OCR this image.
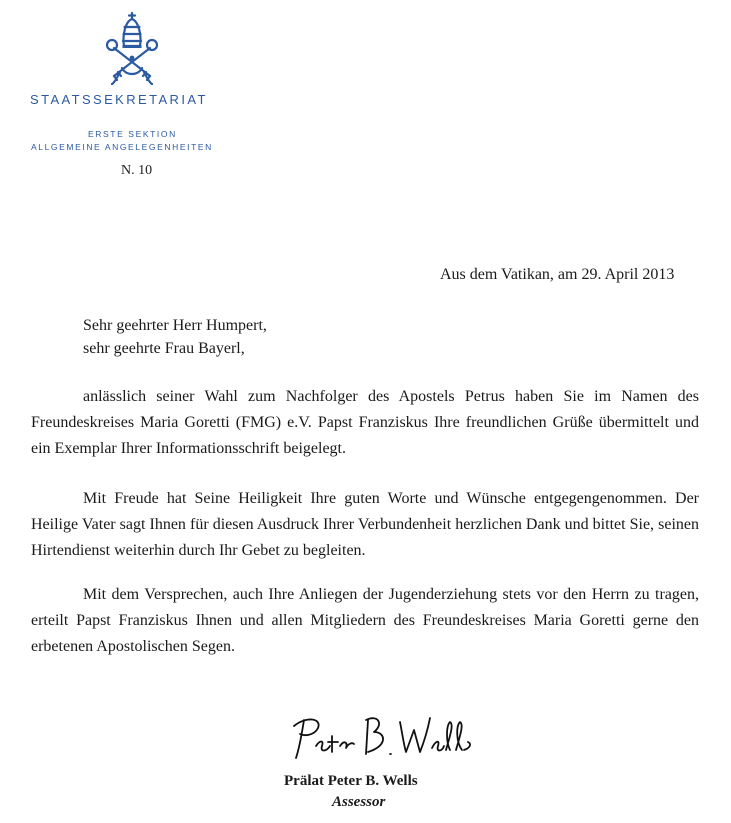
STAATSSEKRETARIAT
ERSTE SEKTION
ALLGEMEINE ANGELEGENHEITEN
N. 10
Aus dem Vatikan, am 29. April 2013
Sehr geehrter Herr Humpert,
sehr geehrte Frau Bayerl,
anlässlich seiner Wahl zum Nachfolger des Apostels Petrus haben Sie im Namen des Freundeskreises Maria Goretti (FMG) e.V. Papst Franziskus Ihre freundlichen Grüße übermittelt und ein Exemplar Ihrer Informationsschrift beigelegt.
Mit Freude hat Seine Heiligkeit Ihre guten Worte und Wünsche entgegengenommen. Der Heilige Vater sagt Ihnen für diesen Ausdruck Ihrer Verbundenheit herzlichen Dank und bittet Sie, seinen Hirtendienst weiterhin durch Ihr Gebet zu begleiten.
Mit dem Versprechen, auch Ihre Anliegen der Jugenderziehung stets vor den Herrn zu tragen, erteilt Papst Franziskus Ihnen und allen Mitgliedern des Freundeskreises Maria Goretti gerne den erbetenen Apostolischen Segen.
Prälat Peter B. Wells
Assessor
